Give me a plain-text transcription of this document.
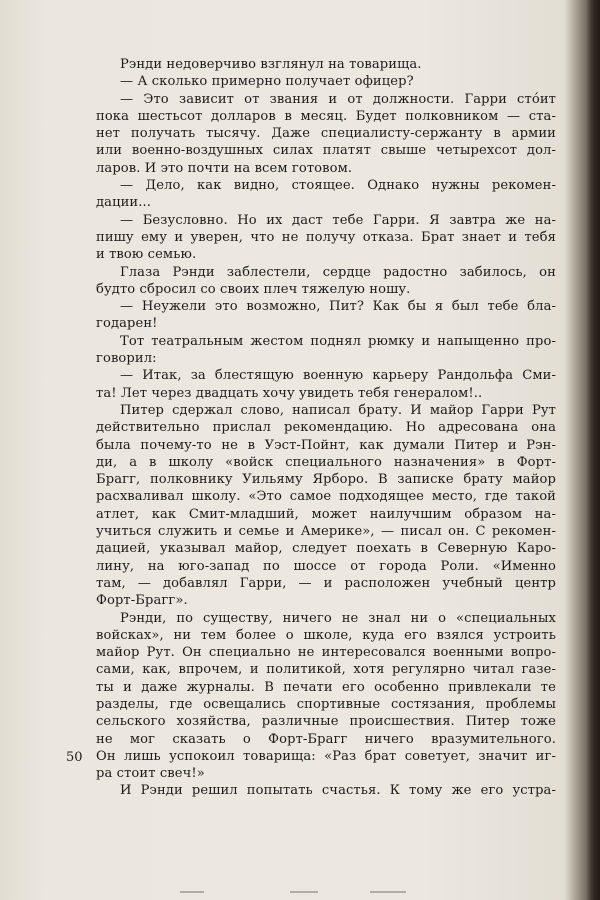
Рэнди недоверчиво взглянул на товарища.
— А сколько примерно получает офицер?
— Это зависит от звания и от должности. Гарри стóит
пока шестьсот долларов в месяц. Будет полковником — ста-
нет получать тысячу. Даже специалисту-сержанту в армии
или военно-воздушных силах платят свыше четырехсот дол-
ларов. И это почти на всем готовом.
— Дело, как видно, стоящее. Однако нужны рекомен-
дации...
— Безусловно. Но их даст тебе Гарри. Я завтра же на-
пишу ему и уверен, что не получу отказа. Брат знает и тебя
и твою семью.
Глаза Рэнди заблестели, сердце радостно забилось, он
будто сбросил со своих плеч тяжелую ношу.
— Неужели это возможно, Пит? Как бы я был тебе бла-
годарен!
Тот театральным жестом поднял рюмку и напыщенно про-
говорил:
— Итак, за блестящую военную карьеру Рандольфа Сми-
та! Лет через двадцать хочу увидеть тебя генералом!..
Питер сдержал слово, написал брату. И майор Гарри Рут
действительно прислал рекомендацию. Но адресована она
была почему-то не в Уэст-Пойнт, как думали Питер и Рэн-
ди, а в школу «войск специального назначения» в Форт-
Брагг, полковнику Уильяму Ярборо. В записке брату майор
расхваливал школу. «Это самое подходящее место, где такой
атлет, как Смит-младший, может наилучшим образом на-
учиться служить и семье и Америке», — писал он. С рекомен-
дацией, указывал майор, следует поехать в Северную Каро-
лину, на юго-запад по шоссе от города Роли. «Именно
там, — добавлял Гарри, — и расположен учебный центр
Форт-Брагг».
Рэнди, по существу, ничего не знал ни о «специальных
войсках», ни тем более о школе, куда его взялся устроить
майор Рут. Он специально не интересовался военными вопро-
сами, как, впрочем, и политикой, хотя регулярно читал газе-
ты и даже журналы. В печати его особенно привлекали те
разделы, где освещались спортивные состязания, проблемы
сельского хозяйства, различные происшествия. Питер тоже
не мог сказать о Форт-Брагг ничего вразумительного.
Он лишь успокоил товарища: «Раз брат советует, значит иг-
ра стоит свеч!»
И Рэнди решил попытать счастья. К тому же его устра-
50
